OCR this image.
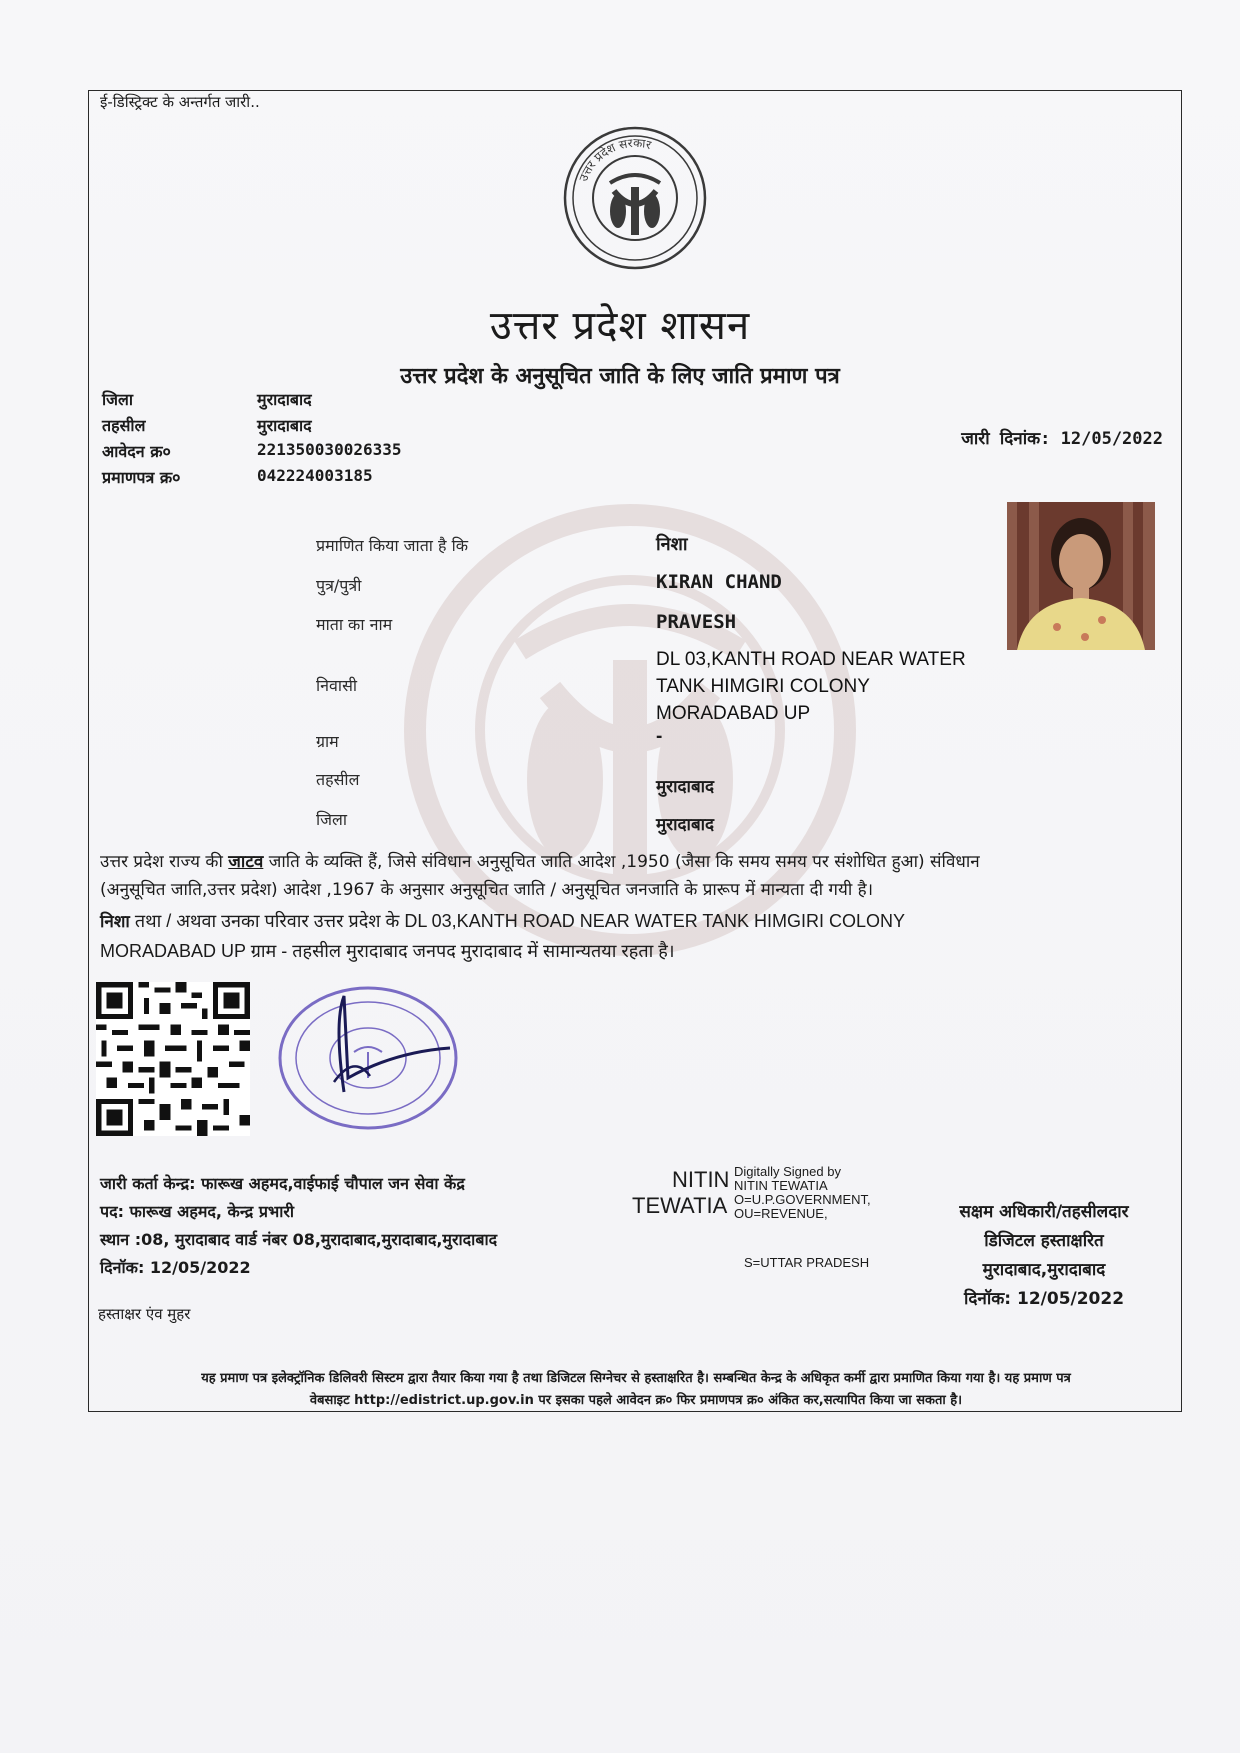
ई-डिस्ट्रिक्ट के अन्तर्गत जारी..
उत्तर प्रदेश सरकार
उत्तर प्रदेश शासन
उत्तर प्रदेश के अनुसूचित जाति के लिए जाति प्रमाण पत्र
जिला	मुरादाबाद
तहसील	मुरादाबाद
आवेदन क्र०	221350030026335
प्रमाणपत्र क्र०	042224003185
जारी दिनांक: 12/05/2022
प्रमाणित किया जाता है कि	निशा
पुत्र/पुत्री	KIRAN CHAND
माता का नाम	PRAVESH
निवासी
DL 03,KANTH ROAD NEAR WATER
TANK HIMGIRI COLONY
MORADABAD UP
ग्राम	-
तहसील	मुरादाबाद
जिला	मुरादाबाद
उत्तर प्रदेश राज्य की जाटव जाति के व्यक्ति हैं, जिसे संविधान अनुसूचित जाति आदेश ,1950 (जैसा कि समय समय पर संशोधित हुआ) संविधान
(अनुसूचित जाति,उत्तर प्रदेश) आदेश ,1967 के अनुसार अनुसूचित जाति / अनुसूचित जनजाति के प्रारूप में मान्यता दी गयी है।
निशा तथा / अथवा उनका परिवार उत्तर प्रदेश के DL 03,KANTH ROAD NEAR WATER TANK HIMGIRI COLONY
MORADABAD UP ग्राम - तहसील मुरादाबाद जनपद मुरादाबाद में सामान्यतया रहता है।
जारी कर्ता केन्द्र: फारूख अहमद,वाईफाई चौपाल जन सेवा केंद्र
पद: फारूख अहमद, केन्द्र प्रभारी
स्थान :08, मुरादाबाद वार्ड नंबर 08,मुरादाबाद,मुरादाबाद,मुरादाबाद
दिनॉक: 12/05/2022
हस्ताक्षर एंव मुहर
NITIN
TEWATIA
Digitally Signed by
NITIN TEWATIA
O=U.P.GOVERNMENT,
OU=REVENUE,
S=UTTAR PRADESH
सक्षम अधिकारी/तहसीलदार
डिजिटल हस्ताक्षरित
मुरादाबाद,मुरादाबाद
दिनॉक: 12/05/2022
यह प्रमाण पत्र इलेक्ट्रॉनिक डिलिवरी सिस्टम द्वारा तैयार किया गया है तथा डिजिटल सिग्नेचर से हस्ताक्षरित है। सम्बन्धित केन्द्र के अधिकृत कर्मी द्वारा प्रमाणित किया गया है। यह प्रमाण पत्र
वेबसाइट http://edistrict.up.gov.in पर इसका पहले आवेदन क्र० फिर प्रमाणपत्र क्र० अंकित कर,सत्यापित किया जा सकता है।
